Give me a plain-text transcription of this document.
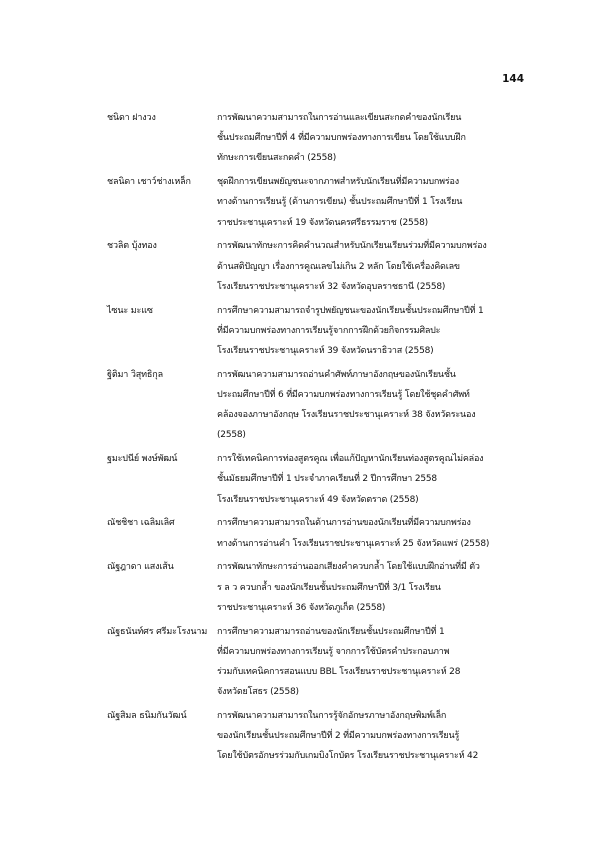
144
ชนิดา ฝางวง	การพัฒนาความสามารถในการอ่านและเขียนสะกดคำของนักเรียน
ชั้นประถมศึกษาปีที่ 4 ที่มีความบกพร่องทางการเขียน โดยใช้แบบฝึก
ทักษะการเขียนสะกดคำ (2558)
ชลนิดา เชาว์ช่างเหล็ก	ชุดฝึกการเขียนพยัญชนะจากภาพสำหรับนักเรียนที่มีความบกพร่อง
ทางด้านการเรียนรู้ (ด้านการเขียน) ชั้นประถมศึกษาปีที่ 1 โรงเรียน
ราชประชานุเคราะห์ 19 จังหวัดนครศรีธรรมราช (2558)
ชวลิต บุ้งทอง	การพัฒนาทักษะการคิดคำนวณสำหรับนักเรียนเรียนร่วมที่มีความบกพร่อง
ด้านสติปัญญา เรื่องการคูณเลขไม่เกิน 2 หลัก โดยใช้เครื่องคิดเลข
โรงเรียนราชประชานุเคราะห์ 32 จังหวัดอุบลราชธานี (2558)
ไซนะ มะแซ	การศึกษาความสามารถจำรูปพยัญชนะของนักเรียนชั้นประถมศึกษาปีที่ 1
ที่มีความบกพร่องทางการเรียนรู้จากการฝึกด้วยกิจกรรมศิลปะ
โรงเรียนราชประชานุเคราะห์ 39 จังหวัดนราธิวาส (2558)
ฐิติมา วิสุทธิกุล	การพัฒนาความสามารถอ่านคำศัพท์ภาษาอังกฤษของนักเรียนชั้น
ประถมศึกษาปีที่ 6 ที่มีความบกพร่องทางการเรียนรู้ โดยใช้ชุดคำศัพท์
คล้องจองภาษาอังกฤษ โรงเรียนราชประชานุเคราะห์ 38 จังหวัดระนอง
(2558)
ฐมะปนีย์ พงษ์พัฒน์	การใช้เทคนิคการท่องสูตรคูณ เพื่อแก้ปัญหานักเรียนท่องสูตรคูณไม่คล่อง
ชั้นมัธยมศึกษาปีที่ 1 ประจำภาคเรียนที่ 2 ปีการศึกษา 2558
โรงเรียนราชประชานุเคราะห์ 49 จังหวัดตราด (2558)
ณัชชิชา เฉลิมเลิศ	การศึกษาความสามารถในด้านการอ่านของนักเรียนที่มีความบกพร่อง
ทางด้านการอ่านคำ โรงเรียนราชประชานุเคราะห์ 25 จังหวัดแพร่ (2558)
ณัฐฎาดา แสงเส้น	การพัฒนาทักษะการอ่านออกเสียงคำควบกล้ำ โดยใช้แบบฝึกอ่านที่มี ตัว
ร ล ว ควบกล้ำ ของนักเรียนชั้นประถมศึกษาปีที่ 3/1 โรงเรียน
ราชประชานุเคราะห์ 36 จังหวัดภูเก็ต (2558)
ณัฐธนันท์ศร ศรีมะโรงนาม	การศึกษาความสามารถอ่านของนักเรียนชั้นประถมศึกษาปีที่ 1
ที่มีความบกพร่องทางการเรียนรู้ จากการใช้บัตรคำประกอบภาพ
ร่วมกับเทคนิคการสอนแบบ BBL โรงเรียนราชประชานุเคราะห์ 28
จังหวัดยโสธร (2558)
ณัฐสิมล ธนิมกันวัฒน์	การพัฒนาความสามารถในการรู้จักอักษรภาษาอังกฤษพิมพ์เล็ก
ของนักเรียนชั้นประถมศึกษาปีที่ 2 ที่มีความบกพร่องทางการเรียนรู้
โดยใช้บัตรอักษรร่วมกับเกมบิงโกบัตร โรงเรียนราชประชานุเคราะห์ 42
